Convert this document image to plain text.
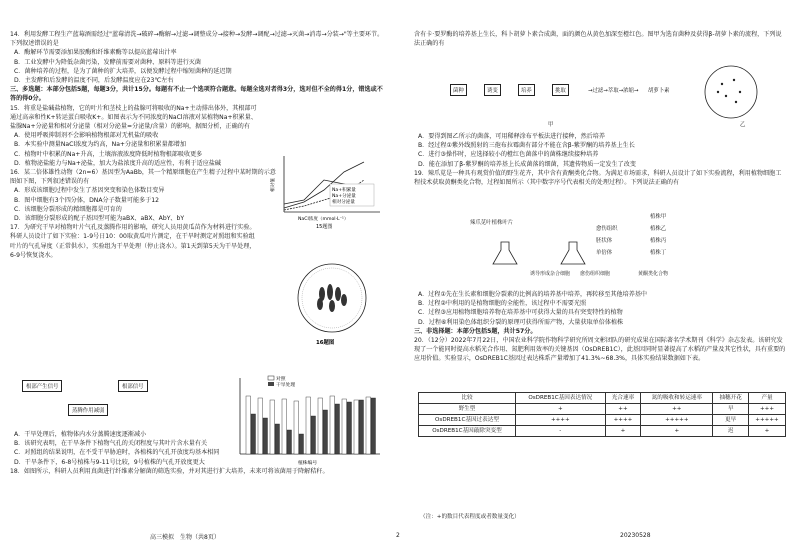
14．利用发酵工程生产蓝莓酒需经过"蓝莓清洗→破碎→酶解→过滤→调整成分→接种→发酵→调配→过滤→灭菌→消毒→分装→"等主要环节。下列叙述错误的是

A．酶解环节需要添加果胶酶和纤维素酶等以提高蓝莓出汁率

B．工业发酵中为降低杂菌污染，发酵前需要对菌种、原料等进行灭菌

C．菌种培养的过程，是为了菌种的扩大培养，以便发酵过程中缩短菌种的延迟期

D．主发酵和后发酵的温度不同，后发酵温度应在23℃左右

三、多选题：本部分包括5题，每题3分，共计15分。每题有不止一个选项符合题意。每题全选对者得3分，选对但不全的得1分，错选或不答的得0分。

15．将重是盐碱盐植物，它的叶片和茎枝上的盐腺可将吸收的Na+主动排出体外，其根部可通过高亲和性K+转运蛋白吸收K+。如图表示为不同浓度的NaCl溶液对某植物Na+积累量、盐腺Na+分泌量和相对分泌量（相对分泌量=分泌量/含量）的影响，据图分析，正确的有

A．使用呼吸抑制剂不会影响植物根部对无机盐的吸收

B．本实验中测量NaCl浓度为约高，Na+分泌量和积累量都增加

C．植物叶中积累的Na+升高，土壤溶液浓度降低时植物根部吸收更多

D．植物泌盐能力与Na+泌盐，加大为盐浓度升高的适应性，有利于适应盐碱

16．某二倍体雄性动物（2n=6）基因型为AaBb，其一个精原细胞在产生精子过程中某时期的示意图如下图，下列叙述错误的有

A．形成该细胞过程中发生了基因突变和染色体数目变异

B．图中细胞有3个四分体，DNA分子数量可能多于12

C．该细胞分裂形成的精细胞都是可育的

D．该细胞分裂形成的配子基因型可能为aBX、aBX、AbY、bY

17．为研究干旱对植物叶片气孔及蒸腾作用的影响，研究人员用黄瓜苗作为材料进行实验。科研人员设计了如下实验：1-9号日10：00取黄瓜叶片测定，在干旱时测定对照组和实验组叶片的气孔导度（正常供水），实验组为干旱处理（停止浇水）。第1天到第5天为干旱处理，6-9号恢复浇水。

Na+积累量
Na+分泌量
相对分泌量
相对值
NaCl浓度（mmol·L⁻¹）
15题图
16题图
根部产生信号	根部信号
蒸腾作用减弱
对照
干旱处理
植株编号

A．干旱处理后，植物体内水分蒸腾速度逐渐减小

B．该研究表明，在干旱条件下植物气孔的关闭程度与其叶片含水量有关

C．对照组的结果说明，在不受干旱胁迫时，各植株的气孔开放度均基本相同

D．干旱条件下，6-8号植株与9-11号比较，9号植株的气孔开放度更大

18．如图所示，科研人员利用真菌进行纤维素分解菌的筛选实验，并对其进行扩大培养，未来可将该菌用于降解秸秆。

含有卡·要罗酶的培养基上生长，科卜胡萝卜素合成菌，面的颜色从黄色加深至橙红色。图甲为选育菌种及获得β-胡萝卜素的流程，下列说法正确的有

菌种	诱变	培养	挑取	→过滤→萃取→浓缩→ 胡萝卜素
甲	乙

A．要得到图乙所示的菌落，可用稀释涂布平板法进行接种，然后培养

B．经过程①紫外线照射的三孢布拉霉菌有部分不能在含β-紫罗酮的培养基上生长

C．进行③操作时，应选择较小的橙红色菌落中的菌株继续接种培养

D．能在添加了β-紫罗酮的培养基上长成菌落的细菌，其遗传物质一定发生了改变

19．辣爪苋是一种具有观赏价值的野生花卉，其中含有黄酮类化合物。为满足市场需求，科研人员设计了如下实验流程，利用植物细胞工程技术获取黄酮类化合物，过程如图所示（其中数字序号代表相关的处理过程）。下列说法正确的有

辣爪苋叶植株叶片
愈伤组织
胚状体
单倍体
植株乙
植株丙
植株丁
植株甲
诱导形成杂合细胞 愈伤组织细胞	黄酮类化合物

A．过程①先在生长素和细胞分裂素的比例高的培养基中培养，再转移至其他培养基中

B．过程②中利用的是植物细胞的全能性，该过程中不需要光照

C．过程③应用植物细胞培养物在培养基中可获得大量的具有突变特性的植物

D．过程⑥利用染色体组织分裂的原理可获得所需产物，大量获取单倍体植株

三、非选择题：本部分包括5题，共计57分。

20．（12分）2022年7月22日，中国农业科学院作物科学研究所周文彬团队的研究成果在国际著名学术期刊《科学》杂志发表。该研究发现了一个能同时提高水稻光合作用、氮肥利用效率的关键基因（OsDREB1C），此基因同时显著提高了水稻的产量及其它性状，具有重要的应用价值。实验显示，OsDREB1C基因过表达株系产量增加了41.3%~68.3%，具体实验结果数据如下表。

比较	OsDREB1C基因表达情况	光合速率	氮的吸收和转运速率	抽穗开花	产量
野生型	+	++	++	早	+++
OsDREB1C基因过表达型	++++	++++	+++++	更早	+++++
OsDREB1C基因敲除突变型	-	+	+	迟	+
（注：+的数目代表程度或者数量变化）
高三模拟　生物（共8页）	2	20230528
